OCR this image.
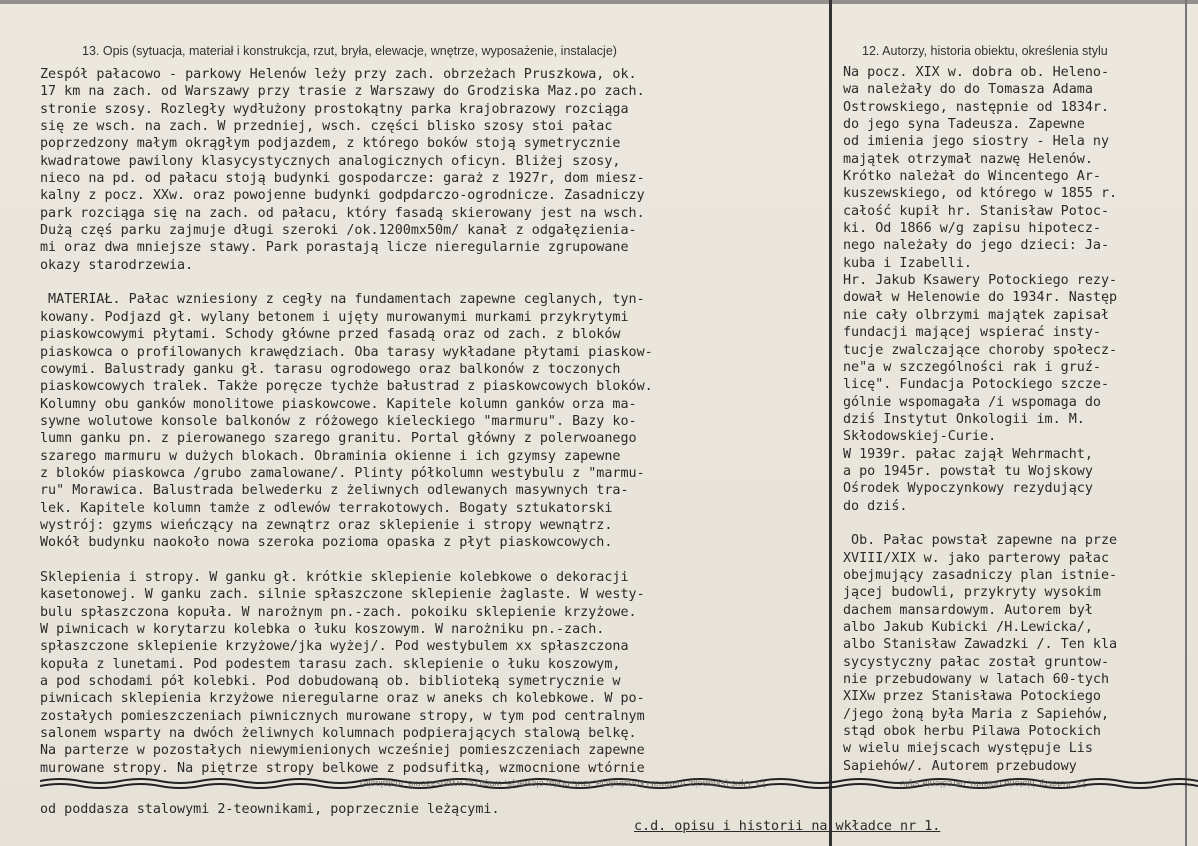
13. Opis (sytuacja, materiał i konstrukcja, rzut, bryła, elewacje, wnętrze, wyposażenie, instalacje)	12. Autorzy, historia obiektu, określenia stylu
Zespół pałacowo - parkowy Helenów leży przy zach. obrzeżach Pruszkowa, ok.
17 km na zach. od Warszawy przy trasie z Warszawy do Grodziska Maz.po zach.
stronie szosy. Rozległy wydłużony prostokątny parka krajobrazowy rozciąga
się ze wsch. na zach. W przedniej, wsch. części blisko szosy stoi pałac
poprzedzony małym okrągłym podjazdem, z którego boków stoją symetrycznie
kwadratowe pawilony klasycystycznych analogicznych oficyn. Bliżej szosy,
nieco na pd. od pałacu stoją budynki gospodarcze: garaż z 1927r, dom miesz-
kalny z pocz. XXw. oraz powojenne budynki godpdarczo-ogrodnicze. Zasadniczy
park rozciąga się na zach. od pałacu, który fasadą skierowany jest na wsch.
Dużą częś parku zajmuje długi szeroki /ok.1200mx50m/ kanał z odgałęzienia-
mi oraz dwa mniejsze stawy. Park porastają licze nieregularnie zgrupowane
okazy starodrzewia.

MATERIAŁ. Pałac wzniesiony z cegły na fundamentach zapewne ceglanych, tyn-
kowany. Podjazd gł. wylany betonem i ujęty murowanymi murkami przykrytymi
piaskowcowymi płytami. Schody główne przed fasadą oraz od zach. z bloków
piaskowca o profilowanych krawędziach. Oba tarasy wykładane płytami piaskow-
cowymi. Balustrady ganku gł. tarasu ogrodowego oraz balkonów z toczonych
piaskowcowych tralek. Także poręcze tychże bałustrad z piaskowcowych bloków.
Kolumny obu ganków monolitowe piaskowcowe. Kapitele kolumn ganków orza ma-
sywne wolutowe konsole balkonów z różowego kieleckiego "marmuru". Bazy ko-
lumn ganku pn. z pierowanego szarego granitu. Portal główny z polerwoanego
szarego marmuru w dużych blokach. Obraminia okienne i ich gzymsy zapewne
z bloków piaskowca /grubo zamalowane/. Plinty półkolumn westybulu z "marmu-
ru" Morawica. Balustrada belwederku z żeliwnych odlewanych masywnych tra-
lek. Kapitele kolumn tamże z odlewów terrakotowych. Bogaty sztukatorski
wystrój: gzyms wieńczący na zewnątrz oraz sklepienie i stropy wewnątrz.
Wokół budynku naokoło nowa szeroka pozioma opaska z płyt piaskowcowych.

Sklepienia i stropy. W ganku gł. krótkie sklepienie kolebkowe o dekoracji
kasetonowej. W ganku zach. silnie spłaszczone sklepienie żaglaste. W westy-
bulu spłaszczona kopuła. W narożnym pn.-zach. pokoiku sklepienie krzyżowe.
W piwnicach w korytarzu kolebka o łuku koszowym. W narożniku pn.-zach.
spłaszczone sklepienie krzyżowe/jka wyżej/. Pod westybulem xx spłaszczona
kopuła z lunetami. Pod podestem tarasu zach. sklepienie o łuku koszowym,
a pod schodami pół kolebki. Pod dobudowaną ob. biblioteką symetrycznie w
piwnicach sklepienia krzyżowe nieregularne oraz w aneks ch kolebkowe. W po-
zostałych pomieszczeniach piwnicznych murowane stropy, w tym pod centralnym
salonem wsparty na dwóch żeliwnych kolumnach podpierających stalową belkę.
Na parterze w pozostałych niewymienionych wcześniej pomieszczeniach zapewne
murowane stropy. Na piętrze stropy belkowe z podsufitką, wzmocnione wtórnie

Na pocz. XIX w. dobra ob. Heleno-
wa należały do do Tomasza Adama
Ostrowskiego, następnie od 1834r.
do jego syna Tadeusza. Zapewne
od imienia jego siostry - Hela ny
majątek otrzymał nazwę Helenów.
Krótko należał do Wincentego Ar-
kuszewskiego, od którego w 1855 r.
całość kupił hr. Stanisław Potoc-
ki. Od 1866 w/g zapisu hipotecz-
nego należały do jego dzieci: Ja-
kuba i Izabelli.
Hr. Jakub Ksawery Potockiego rezy-
dował w Helenowie do 1934r. Następ
nie cały olbrzymi majątek zapisał
fundacji mającej wspierać insty-
tucje zwalczające choroby społecz-
ne"a w szczególności rak i gruź-
licę". Fundacja Potockiego szcze-
gólnie wspomagała /i wspomaga do
dziś Instytut Onkologii im. M.
Skłodowskiej-Curie.
W 1939r. pałac zajął Wehrmacht,
a po 1945r. powstał tu Wojskowy
Ośrodek Wypoczynkowy rezydujący
do dziś.

Ob. Pałac powstał zapewne na prze
XVIII/XIX w. jako parterowy pałac
obejmujący zasadniczy plan istnie-
jącej budowli, przykryty wysokim
dachem mansardowym. Autorem był
albo Jakub Kubicki /H.Lewicka/,
albo Stanisław Zawadzki /. Ten kla
sycystyczny pałac został gruntow-
nie przebudowany w latach 60-tych
XIXw przez Stanisława Potockiego
/jego żoną była Maria z Sapiehów,
stąd obok herbu Pilawa Potockich
w wielu miejscach występuje Lis
Sapiehów/. Autorem przebudowy

13. Opis (sytuacja, materiał i konstrukcja, rzut, bryła, elewacje, wnętrze, wyposażenie, instalacje)	12. Autorzy, historia obiektu, określenia stylu
od poddasza stalowymi 2-teownikami, poprzecznie leżącymi.
c.d. opisu i historii na wkładce nr 1.
